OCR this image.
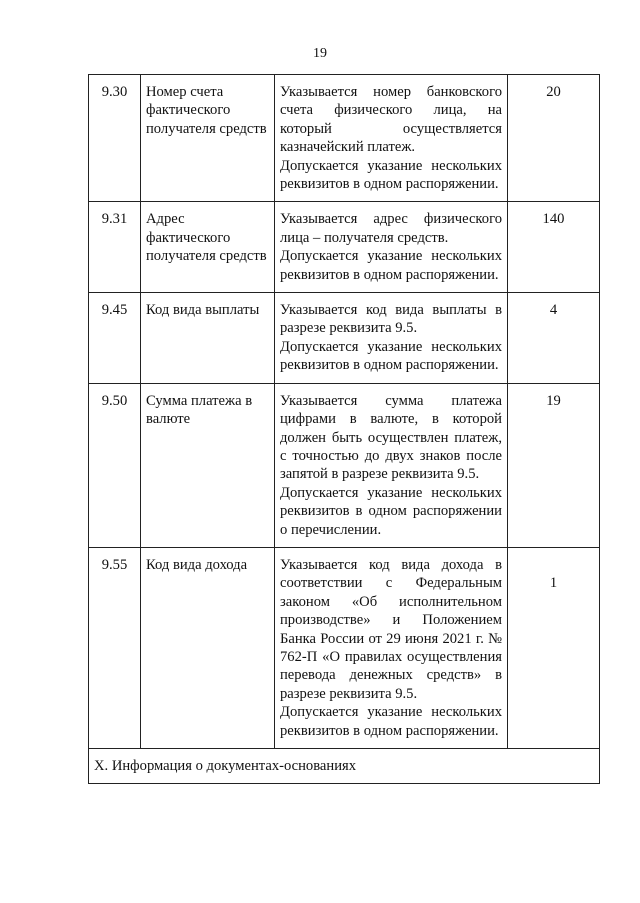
19
9.30	Номер счета
фактического
получателя средств	Указывается номер банковского счета физического лица, на который осуществляется казначейский платеж.
Допускается указание нескольких реквизитов в одном распоряжении.	20
9.31	Адрес
фактического
получателя средств	Указывается адрес физического лица – получателя средств.
Допускается указание нескольких реквизитов в одном распоряжении.	140
9.45	Код вида выплаты	Указывается код вида выплаты в разрезе реквизита 9.5.
Допускается указание нескольких реквизитов в одном распоряжении.	4
9.50	Сумма платежа в
валюте	Указывается сумма платежа цифрами в валюте, в которой должен быть осуществлен платеж, с точностью до двух знаков после запятой в разрезе реквизита 9.5.
Допускается указание нескольких реквизитов в одном распоряжении о перечислении.	19
9.55	Код вида дохода	Указывается код вида дохода в соответствии с Федеральным законом «Об исполнительном производстве» и Положением Банка России от 29 июня 2021 г. № 762-П «О правилах осуществления перевода денежных средств» в разрезе реквизита 9.5.
Допускается указание нескольких реквизитов в одном распоряжении.	1
X. Информация о документах-основаниях			
